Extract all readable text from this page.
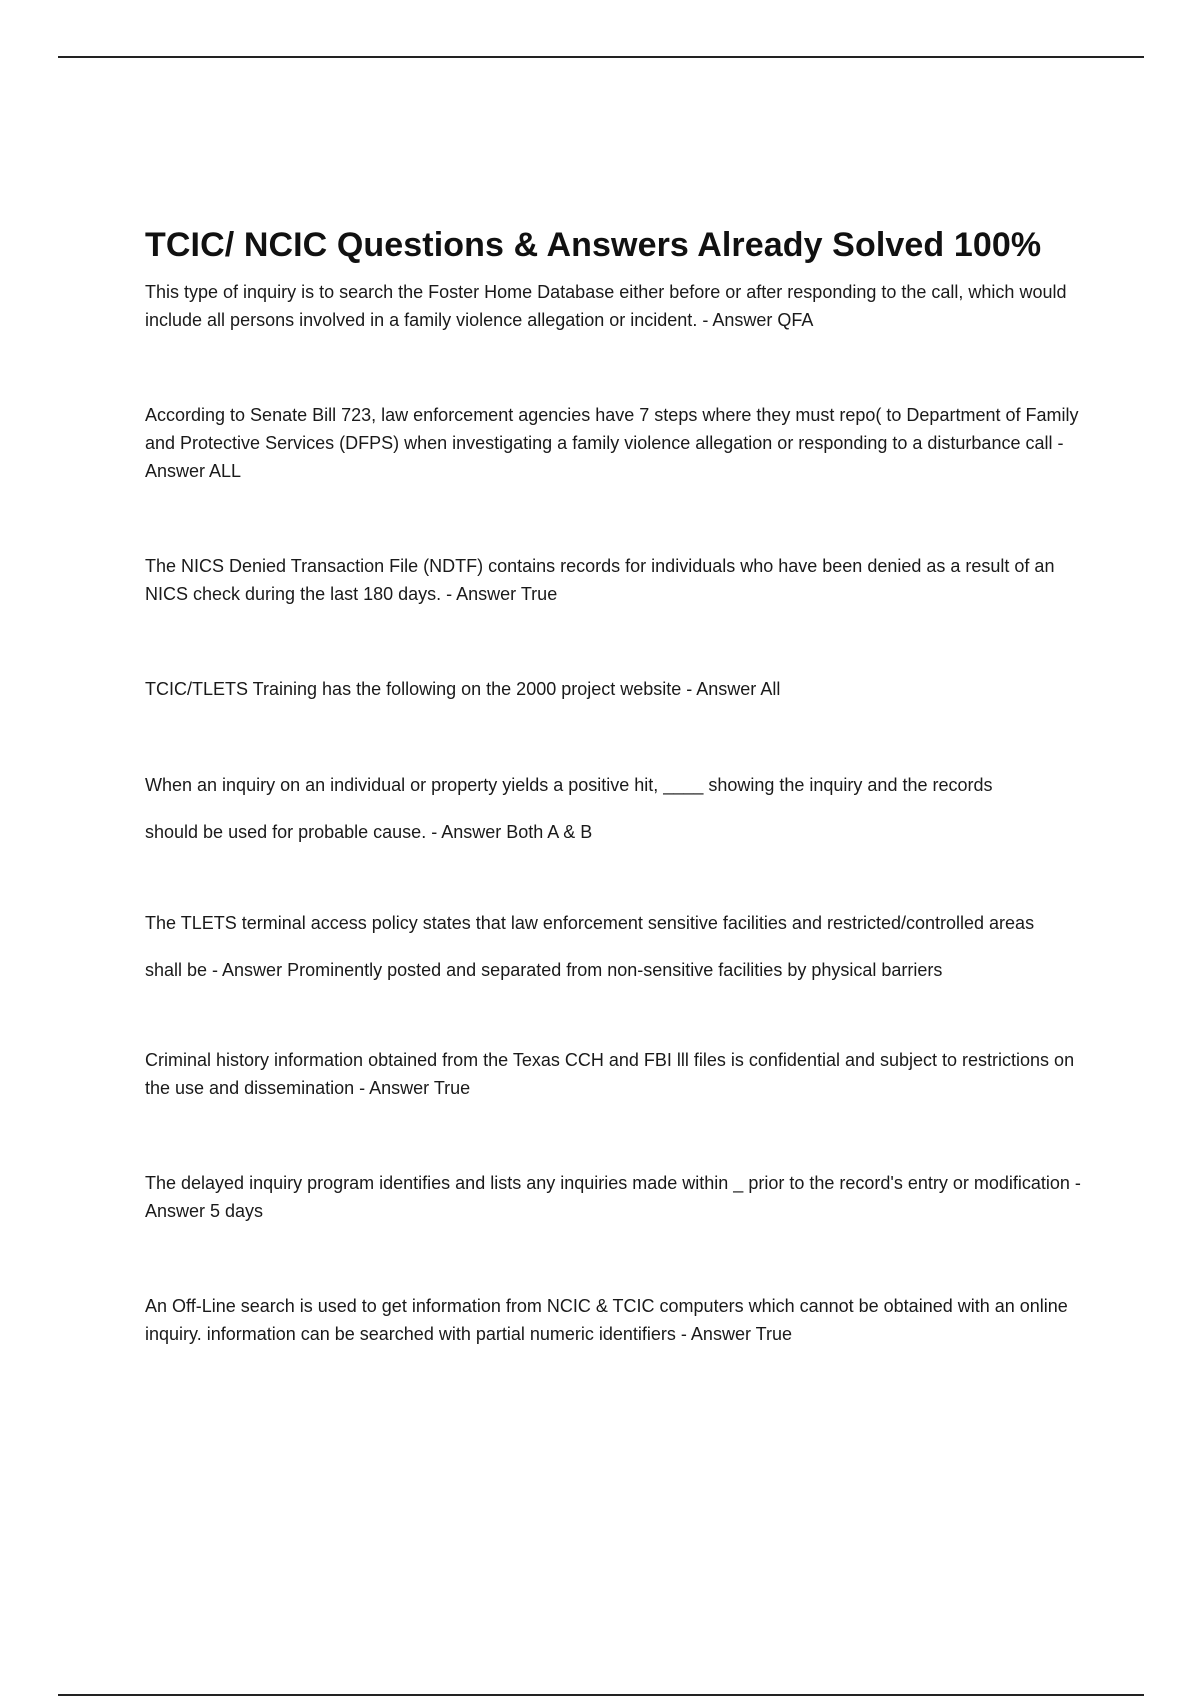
TCIC/ NCIC Questions & Answers Already Solved 100%

This type of inquiry is to search the Foster Home Database either before or after responding to the call, which would include all persons involved in a family violence allegation or incident. - Answer QFA

According to Senate Bill 723, law enforcement agencies have 7 steps where they must repo( to Department of Family and Protective Services (DFPS) when investigating a family violence allegation or responding to a disturbance call - Answer ALL

The NICS Denied Transaction File (NDTF) contains records for individuals who have been denied as a result of an NICS check during the last 180 days. - Answer True

TCIC/TLETS Training has the following on the 2000 project website - Answer All

When an inquiry on an individual or property yields a positive hit, ____ showing the inquiry and the records should be used for probable cause. - Answer Both A & B

The TLETS terminal access policy states that law enforcement sensitive facilities and restricted/controlled areas shall be - Answer Prominently posted and separated from non-sensitive facilities by physical barriers

Criminal history information obtained from the Texas CCH and FBI lll files is confidential and subject to restrictions on the use and dissemination - Answer True

The delayed inquiry program identifies and lists any inquiries made within _ prior to the record's entry or modification - Answer 5 days

An Off-Line search is used to get information from NCIC & TCIC computers which cannot be obtained with an online inquiry. information can be searched with partial numeric identifiers - Answer True
